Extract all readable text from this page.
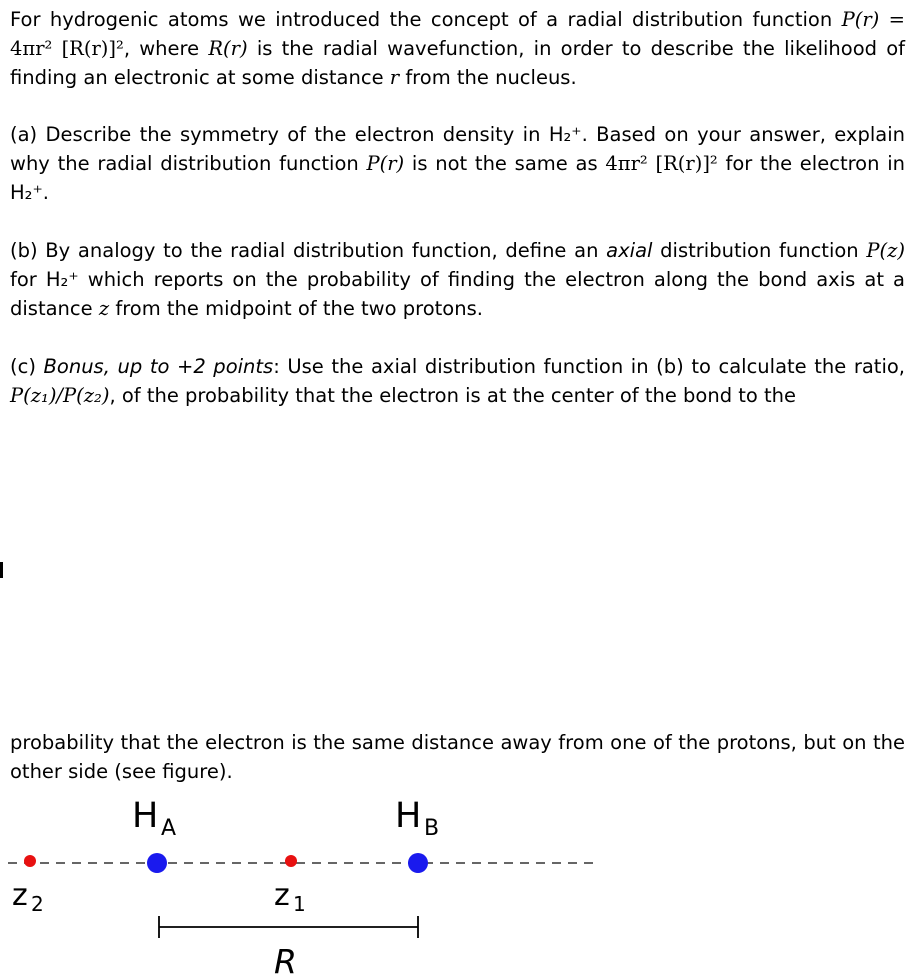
For hydrogenic atoms we introduced the concept of a radial distribution function P(r) = 4πr² [R(r)]², where R(r) is the radial wavefunction, in order to describe the likelihood of finding an electronic at some distance r from the nucleus.

(a) Describe the symmetry of the electron density in H₂⁺. Based on your answer, explain why the radial distribution function P(r) is not the same as 4πr² [R(r)]² for the electron in H₂⁺.

(b) By analogy to the radial distribution function, define an axial distribution function P(z) for H₂⁺ which reports on the probability of finding the electron along the bond axis at a distance z from the midpoint of the two protons.

(c) Bonus, up to +2 points: Use the axial distribution function in (b) to calculate the ratio, P(z₁)/P(z₂), of the probability that the electron is at the center of the bond to the

probability that the electron is the same distance away from one of the protons, but on the other side (see figure).

H A	H B
z 2	z 1
R
